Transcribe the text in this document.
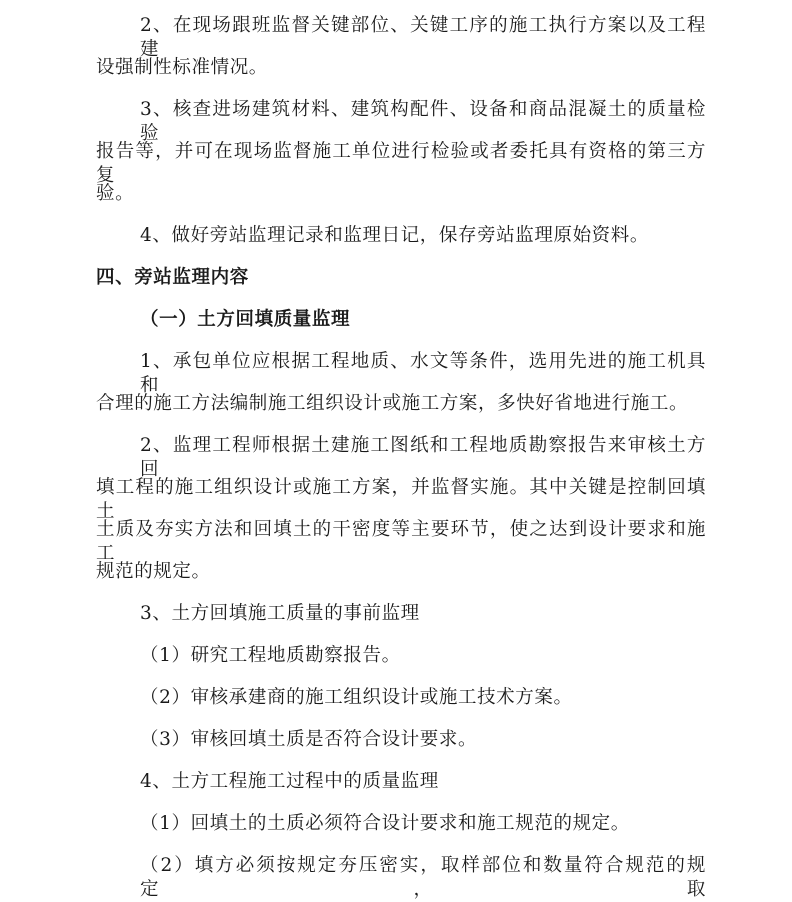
2、在现场跟班监督关键部位、关键工序的施工执行方案以及工程建
设强制性标准情况。
3、核查进场建筑材料、建筑构配件、设备和商品混凝土的质量检验
报告等，并可在现场监督施工单位进行检验或者委托具有资格的第三方复
验。
4、做好旁站监理记录和监理日记，保存旁站监理原始资料。
四、旁站监理内容
（一）土方回填质量监理
1、承包单位应根据工程地质、水文等条件，选用先进的施工机具和
合理的施工方法编制施工组织设计或施工方案，多快好省地进行施工。
2、监理工程师根据土建施工图纸和工程地质勘察报告来审核土方回
填工程的施工组织设计或施工方案，并监督实施。其中关键是控制回填土
土质及夯实方法和回填土的干密度等主要环节，使之达到设计要求和施工
规范的规定。
3、土方回填施工质量的事前监理
（1）研究工程地质勘察报告。
（2）审核承建商的施工组织设计或施工技术方案。
（3）审核回填土质是否符合设计要求。
4、土方工程施工过程中的质量监理
（1）回填土的土质必须符合设计要求和施工规范的规定。
（2）填方必须按规定夯压密实，取样部位和数量符合规范的规定，取
